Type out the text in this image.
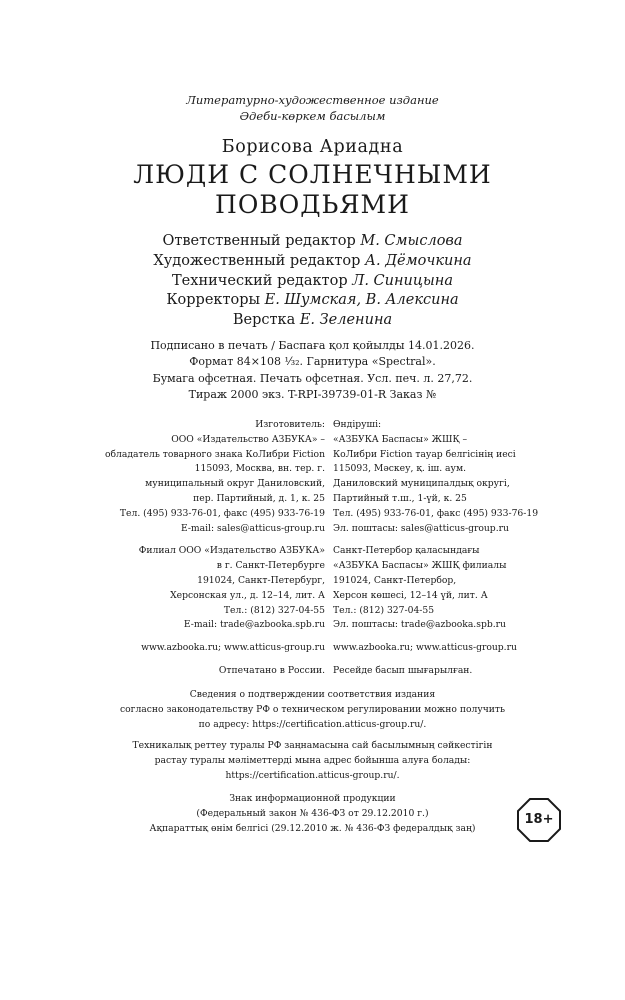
Литературно-художественное издание
Әдеби-көркем басылым
Борисова Ариадна
ЛЮДИ С СОЛНЕЧНЫМИ
ПОВОДЬЯМИ
Ответственный редактор М. Смыслова
Художественный редактор А. Дёмочкина
Технический редактор Л. Синицына
Корректоры Е. Шумская, В. Алексина
Верстка Е. Зеленина
Подписано в печать / Баспаға қол қойылды 14.01.2026.
Формат 84×108 ¹⁄₃₂. Гарнитура «Spectral».
Бумага офсетная. Печать офсетная. Усл. печ. л. 27,72.
Тираж 2000 экз. T-RPI-39739-01-R Заказ №
Изготовитель:
ООО «Издательство АЗБУКА» –
обладатель товарного знака КоЛибри Fiction
115093, Москва, вн. тер. г.
муниципальный округ Даниловский,
пер. Партийный, д. 1, к. 25
Тел. (495) 933-76-01, факс (495) 933-76-19
E-mail: sales@atticus-group.ru
Өндіруші:
«АЗБУКА Баспасы» ЖШҚ –
КоЛибри Fiction тауар белгісінің иесі
115093, Мәскеу, қ. іш. аум.
Даниловский муниципалдық округі,
Партийный т.ш., 1-үй, к. 25
Тел. (495) 933-76-01, факс (495) 933-76-19
Эл. поштасы: sales@atticus-group.ru
Филиал ООО «Издательство АЗБУКА»
в г. Санкт-Петербурге
191024, Санкт-Петербург,
Херсонская ул., д. 12–14, лит. А
Тел.: (812) 327-04-55
E-mail: trade@azbooka.spb.ru
Санкт-Петербор қаласындағы
«АЗБУКА Баспасы» ЖШҚ филиалы
191024, Санкт-Петербор,
Херсон көшесі, 12–14 үй, лит. А
Тел.: (812) 327-04-55
Эл. поштасы: trade@azbooka.spb.ru
www.azbooka.ru; www.atticus-group.ru www.azbooka.ru; www.atticus-group.ru
Отпечатано в России. Ресейде басып шығарылған.
Сведения о подтверждении соответствия издания
согласно законодательству РФ о техническом регулировании можно получить
по адресу: https://certification.atticus-group.ru/.
Техникалық реттеу туралы РФ заңнамасына сай басылымның сәйкестігін
растау туралы мәліметтерді мына адрес бойынша алуға болады:
https://certification.atticus-group.ru/.
Знак информационной продукции
(Федеральный закон № 436-ФЗ от 29.12.2010 г.)
Ақпараттық өнім белгісі (29.12.2010 ж. № 436-ФЗ федералдық заң)
18+
